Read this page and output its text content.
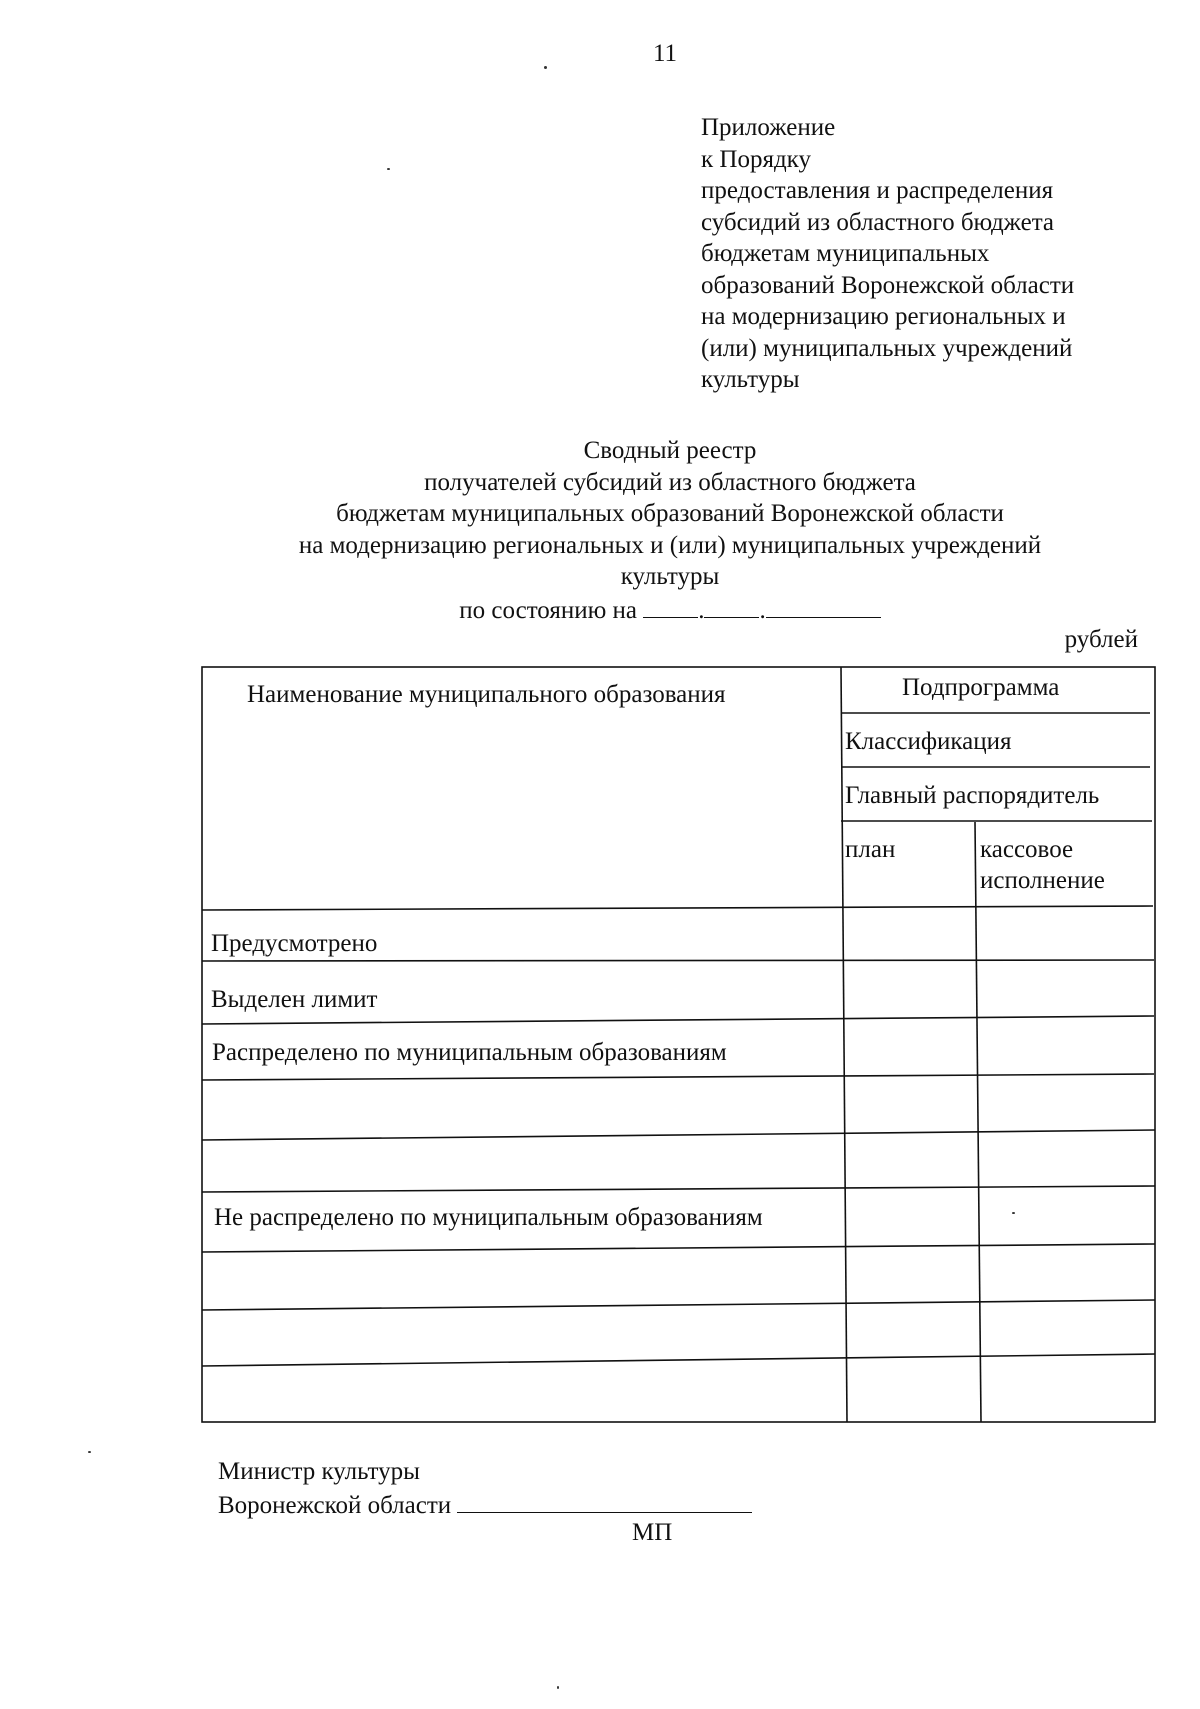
11
Приложение
к Порядку
предоставления и распределения
субсидий из областного бюджета
бюджетам муниципальных
образований Воронежской области
на модернизацию региональных и
(или) муниципальных учреждений
культуры
Сводный реестр
получателей субсидий из областного бюджета
бюджетам муниципальных образований Воронежской области
на модернизацию региональных и (или) муниципальных учреждений
культуры
по состоянию на . .
рублей
Наименование муниципального образования	Подпрограмма
Классификация
Главный распорядитель
план	кассовое
исполнение
Предусмотрено
Выделен лимит
Распределено по муниципальным образованиям
Не распределено по муниципальным образованиям
Министр культуры
Воронежской области
МП
